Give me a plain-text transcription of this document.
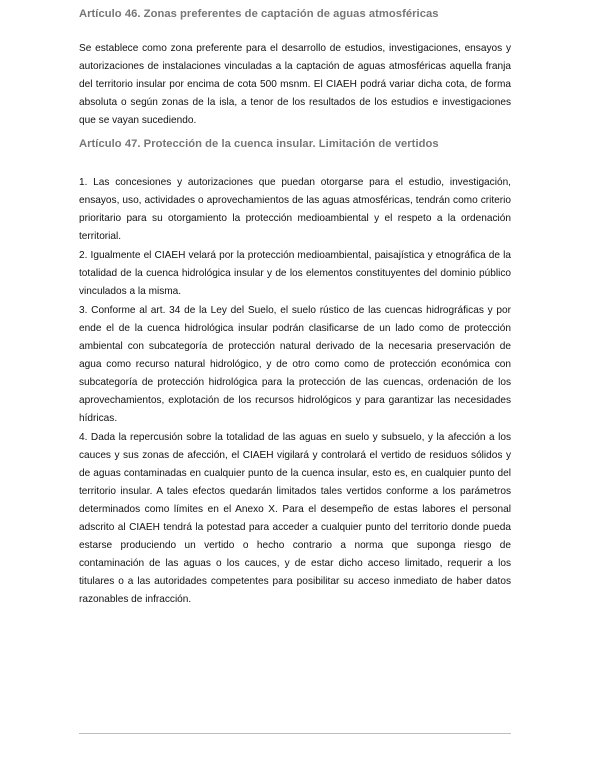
Artículo 46. Zonas preferentes de captación de aguas atmosféricas

Se establece como zona preferente para el desarrollo de estudios, investigaciones, ensayos y autorizaciones de instalaciones vinculadas a la captación de aguas atmosféricas aquella franja del territorio insular por encima de cota 500 msnm. El CIAEH podrá variar dicha cota, de forma absoluta o según zonas de la isla, a tenor de los resultados de los estudios e investigaciones que se vayan sucediendo.

Artículo 47. Protección de la cuenca insular. Limitación de vertidos

1. Las concesiones y autorizaciones que puedan otorgarse para el estudio, investigación, ensayos, uso, actividades o aprovechamientos de las aguas atmosféricas, tendrán como criterio prioritario para su otorgamiento la protección medioambiental y el respeto a la ordenación territorial.

2. Igualmente el CIAEH velará por la protección medioambiental, paisajística y etnográfica de la totalidad de la cuenca hidrológica insular y de los elementos constituyentes del dominio público vinculados a la misma.

3. Conforme al art. 34 de la Ley del Suelo, el suelo rústico de las cuencas hidrográficas y por ende el de la cuenca hidrológica insular podrán clasificarse de un lado como de protección ambiental con subcategoría de protección natural derivado de la necesaria preservación de agua como recurso natural hidrológico, y de otro como como de protección económica con subcategoría de protección hidrológica para la protección de las cuencas, ordenación de los aprovechamientos, explotación de los recursos hidrológicos y para garantizar las necesidades hídricas.

4. Dada la repercusión sobre la totalidad de las aguas en suelo y subsuelo, y la afección a los cauces y sus zonas de afección, el CIAEH vigilará y controlará el vertido de residuos sólidos y de aguas contaminadas en cualquier punto de la cuenca insular, esto es, en cualquier punto del territorio insular. A tales efectos quedarán limitados tales vertidos conforme a los parámetros determinados como límites en el Anexo X. Para el desempeño de estas labores el personal adscrito al CIAEH tendrá la potestad para acceder a cualquier punto del territorio donde pueda estarse produciendo un vertido o hecho contrario a norma que suponga riesgo de contaminación de las aguas o los cauces, y de estar dicho acceso limitado, requerir a los titulares o a las autoridades competentes para posibilitar su acceso inmediato de haber datos razonables de infracción.
